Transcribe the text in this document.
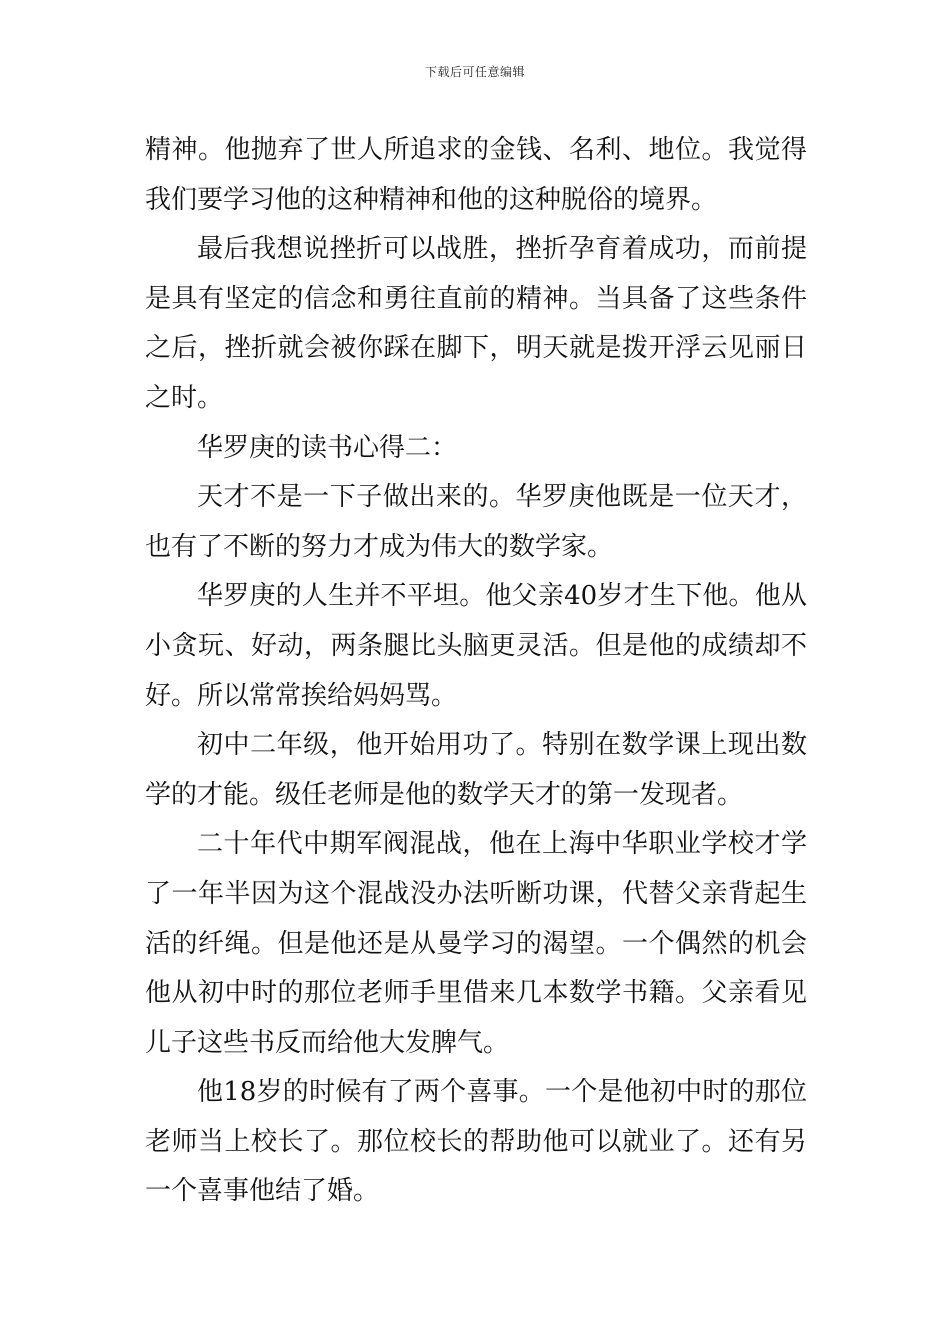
下载后可任意编辑

精神。他抛弃了世人所追求的金钱、名利、地位。我觉得我们要学习他的这种精神和他的这种脱俗的境界。

最后我想说挫折可以战胜，挫折孕育着成功，而前提是具有坚定的信念和勇往直前的精神。当具备了这些条件之后，挫折就会被你踩在脚下，明天就是拨开浮云见丽日之时。

华罗庚的读书心得二：

天才不是一下子做出来的。华罗庚他既是一位天才，也有了不断的努力才成为伟大的数学家。

华罗庚的人生并不平坦。他父亲40岁才生下他。他从小贪玩、好动，两条腿比头脑更灵活。但是他的成绩却不好。所以常常挨给妈妈骂。

初中二年级，他开始用功了。特别在数学课上现出数学的才能。级任老师是他的数学天才的第一发现者。

二十年代中期军阀混战，他在上海中华职业学校才学了一年半因为这个混战没办法听断功课，代替父亲背起生活的纤绳。但是他还是从曼学习的渴望。一个偶然的机会他从初中时的那位老师手里借来几本数学书籍。父亲看见儿子这些书反而给他大发脾气。

他18岁的时候有了两个喜事。一个是他初中时的那位老师当上校长了。那位校长的帮助他可以就业了。还有另一个喜事他结了婚。
